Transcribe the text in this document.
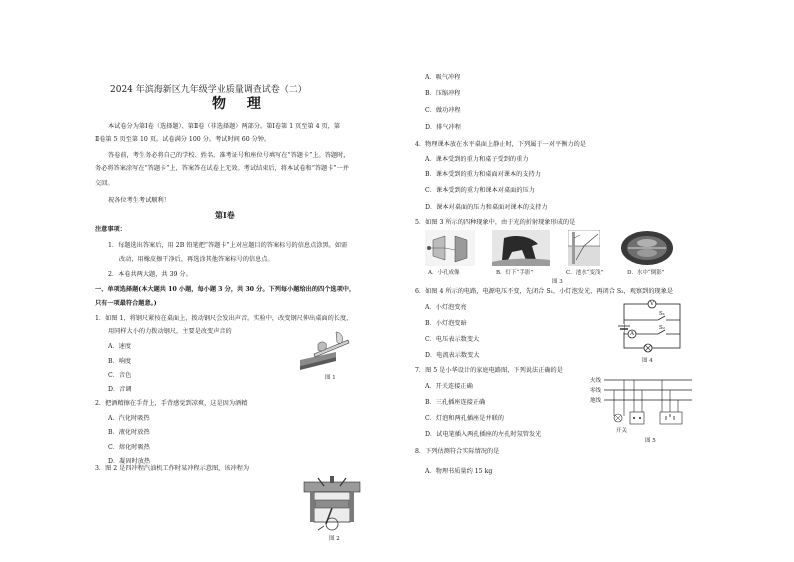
2024 年滨海新区九年级学业质量调查试卷（二）
物 理
本试卷分为第Ⅰ卷（选择题）、第Ⅱ卷（非选择题）两部分。第Ⅰ卷第 1 页至第 4 页，第
Ⅱ卷第 5 页至第 10 页。试卷满分 100 分。考试时间 60 分钟。
答卷前，考生务必将自己的学校、姓名、准考证号和座位号填写在“答题卡”上。答题时，
务必将答案涂写在“答题卡”上，答案答在试卷上无效。考试结束后，将本试卷和“答题卡”一并
交回。
祝各位考生考试顺利！
第Ⅰ卷
注意事项：
1．每题选出答案后，用 2B 铅笔把“答题卡”上对应题目的答案标号的信息点涂黑。如需
改动，用橡皮擦干净后，再选涂其他答案标号的信息点。
2．本卷共两大题，共 39 分。
一、单项选择题(本大题共 10 小题，每小题 3 分，共 30 分。下列每小题给出的四个选项中，
只有一项最符合题意。)
1．如图 1，将钢尺紧按在桌面上，拨动钢尺会发出声音。实验中，改变钢尺伸出桌面的长度，
用同样大小的力拨动钢尺，主要是改变声音的
A．速度
B．响度
C．音色
D．音调
图 1
2．把酒精擦在手背上，手背感觉到凉爽，这是因为酒精
A．汽化时吸热
B．液化时放热
C．熔化时吸热
D．凝固时放热
3．图 2 是四冲程汽油机工作时某冲程示意图，该冲程为
图 2
A．吸气冲程
B．压缩冲程
C．做功冲程
D．排气冲程
4．物理课本放在水平桌面上静止时，下列属于一对平衡力的是
A．课本受到的重力和桌子受到的重力
B．课本受到的重力和桌面对课本的支持力
C．课本受到的重力和课本对桌面的压力
D．课本对桌面的压力和桌面对课本的支持力
5．如图 3 所示的四种现象中，由于光的折射现象形成的是
A．小孔成像	B．灯下“手影”	C．池水“变浅”	D．水中“倒影”
图 3
6．如图 4 所示的电路，电源电压不变，先闭合 S₁，小灯泡发光，再闭合 S₂，观察到的现象是
A．小灯泡变亮
B．小灯泡变暗
C．电压表示数变大
D．电流表示数变大
V
S₁
S₂
A
图 4
7．图 5 是小华设计的家庭电路图，下列说法正确的是
A．开关连接正确
B．三孔插座连接正确
C．灯泡和两孔插座是并联的
D．试电笔插入两孔插座的左孔时氖管发光
火线
零线
地线
开关
图 5
8．下列估测符合实际情况的是
A．物理书质量约 15 kg
